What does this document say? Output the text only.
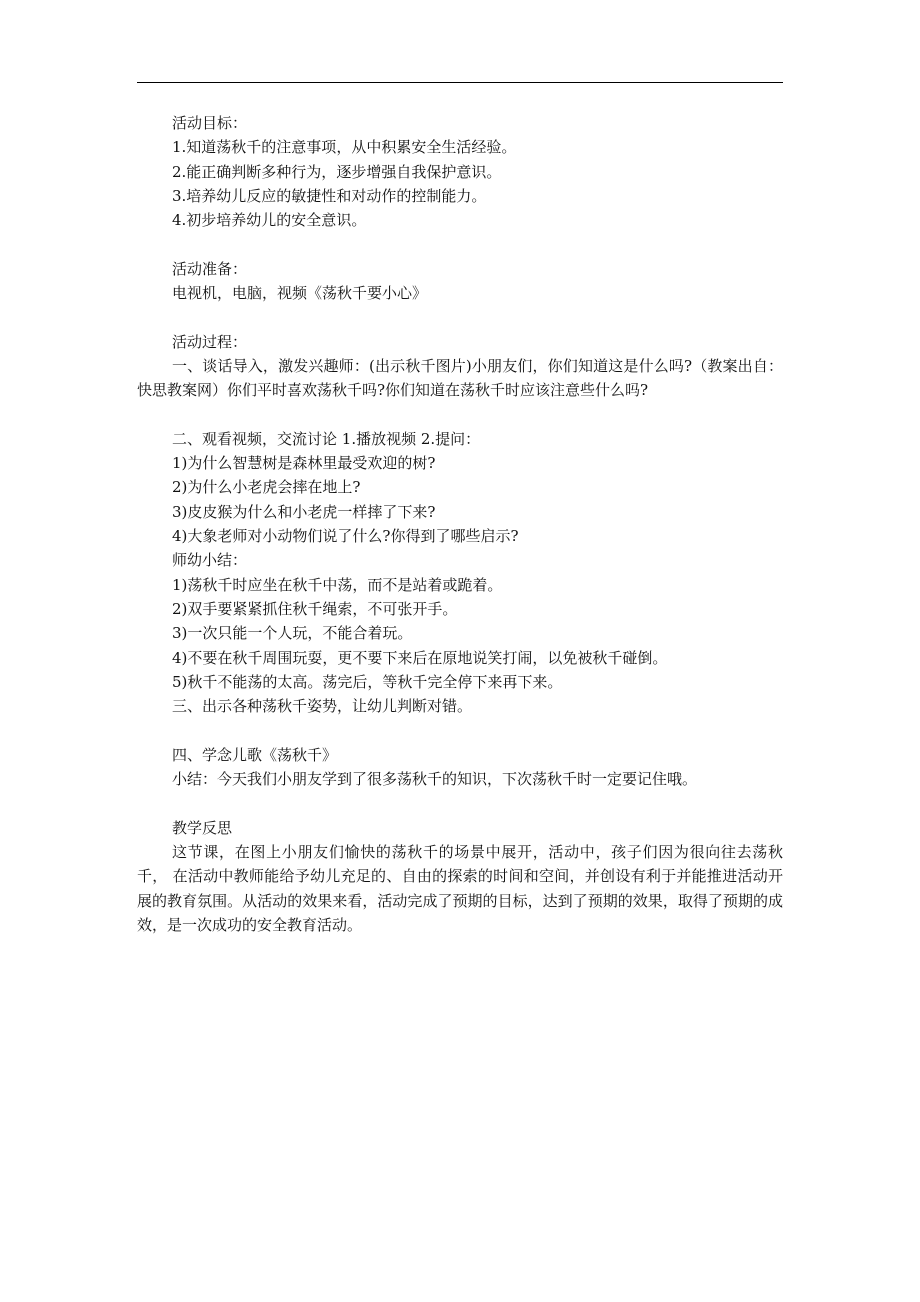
活动目标：

1.知道荡秋千的注意事项，从中积累安全生活经验。

2.能正确判断多种行为，逐步增强自我保护意识。

3.培养幼儿反应的敏捷性和对动作的控制能力。

4.初步培养幼儿的安全意识。

活动准备：

电视机，电脑，视频《荡秋千要小心》

活动过程：

一、谈话导入，激发兴趣师：(出示秋千图片)小朋友们，你们知道这是什么吗?（教案出自：快思教案网）你们平时喜欢荡秋千吗?你们知道在荡秋千时应该注意些什么吗?

二、观看视频，交流讨论 1.播放视频 2.提问：

1)为什么智慧树是森林里最受欢迎的树?

2)为什么小老虎会摔在地上?

3)皮皮猴为什么和小老虎一样摔了下来?

4)大象老师对小动物们说了什么?你得到了哪些启示?

师幼小结：

1)荡秋千时应坐在秋千中荡，而不是站着或跪着。

2)双手要紧紧抓住秋千绳索，不可张开手。

3)一次只能一个人玩，不能合着玩。

4)不要在秋千周围玩耍，更不要下来后在原地说笑打闹，以免被秋千碰倒。

5)秋千不能荡的太高。荡完后，等秋千完全停下来再下来。

三、出示各种荡秋千姿势，让幼儿判断对错。

四、学念儿歌《荡秋千》

小结：今天我们小朋友学到了很多荡秋千的知识，下次荡秋千时一定要记住哦。

教学反思

这节课，在图上小朋友们愉快的荡秋千的场景中展开，活动中，孩子们因为很向往去荡秋千， 在活动中教师能给予幼儿充足的、自由的探索的时间和空间，并创设有利于并能推进活动开展的教育氛围。从活动的效果来看，活动完成了预期的目标，达到了预期的效果，取得了预期的成效，是一次成功的安全教育活动。
